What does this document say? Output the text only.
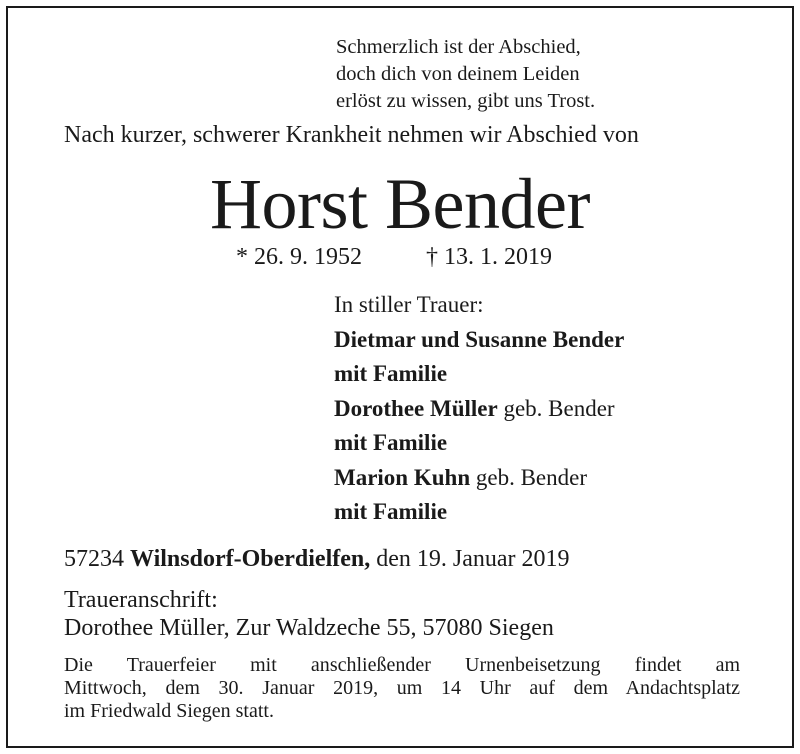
Schmerzlich ist der Abschied,
doch dich von deinem Leiden
erlöst zu wissen, gibt uns Trost.
Nach kurzer, schwerer Krankheit nehmen wir Abschied von
Horst Bender
* 26. 9. 1952	† 13. 1. 2019
In stiller Trauer:
Dietmar und Susanne Bender
mit Familie
Dorothee Müller geb. Bender
mit Familie
Marion Kuhn geb. Bender
mit Familie
57234 Wilnsdorf-Oberdielfen, den 19. Januar 2019
Traueranschrift:
Dorothee Müller, Zur Waldzeche 55, 57080 Siegen
Die Trauerfeier mit anschließender Urnenbeisetzung findet am
Mittwoch, dem 30. Januar 2019, um 14 Uhr auf dem Andachtsplatz
im Friedwald Siegen statt.
